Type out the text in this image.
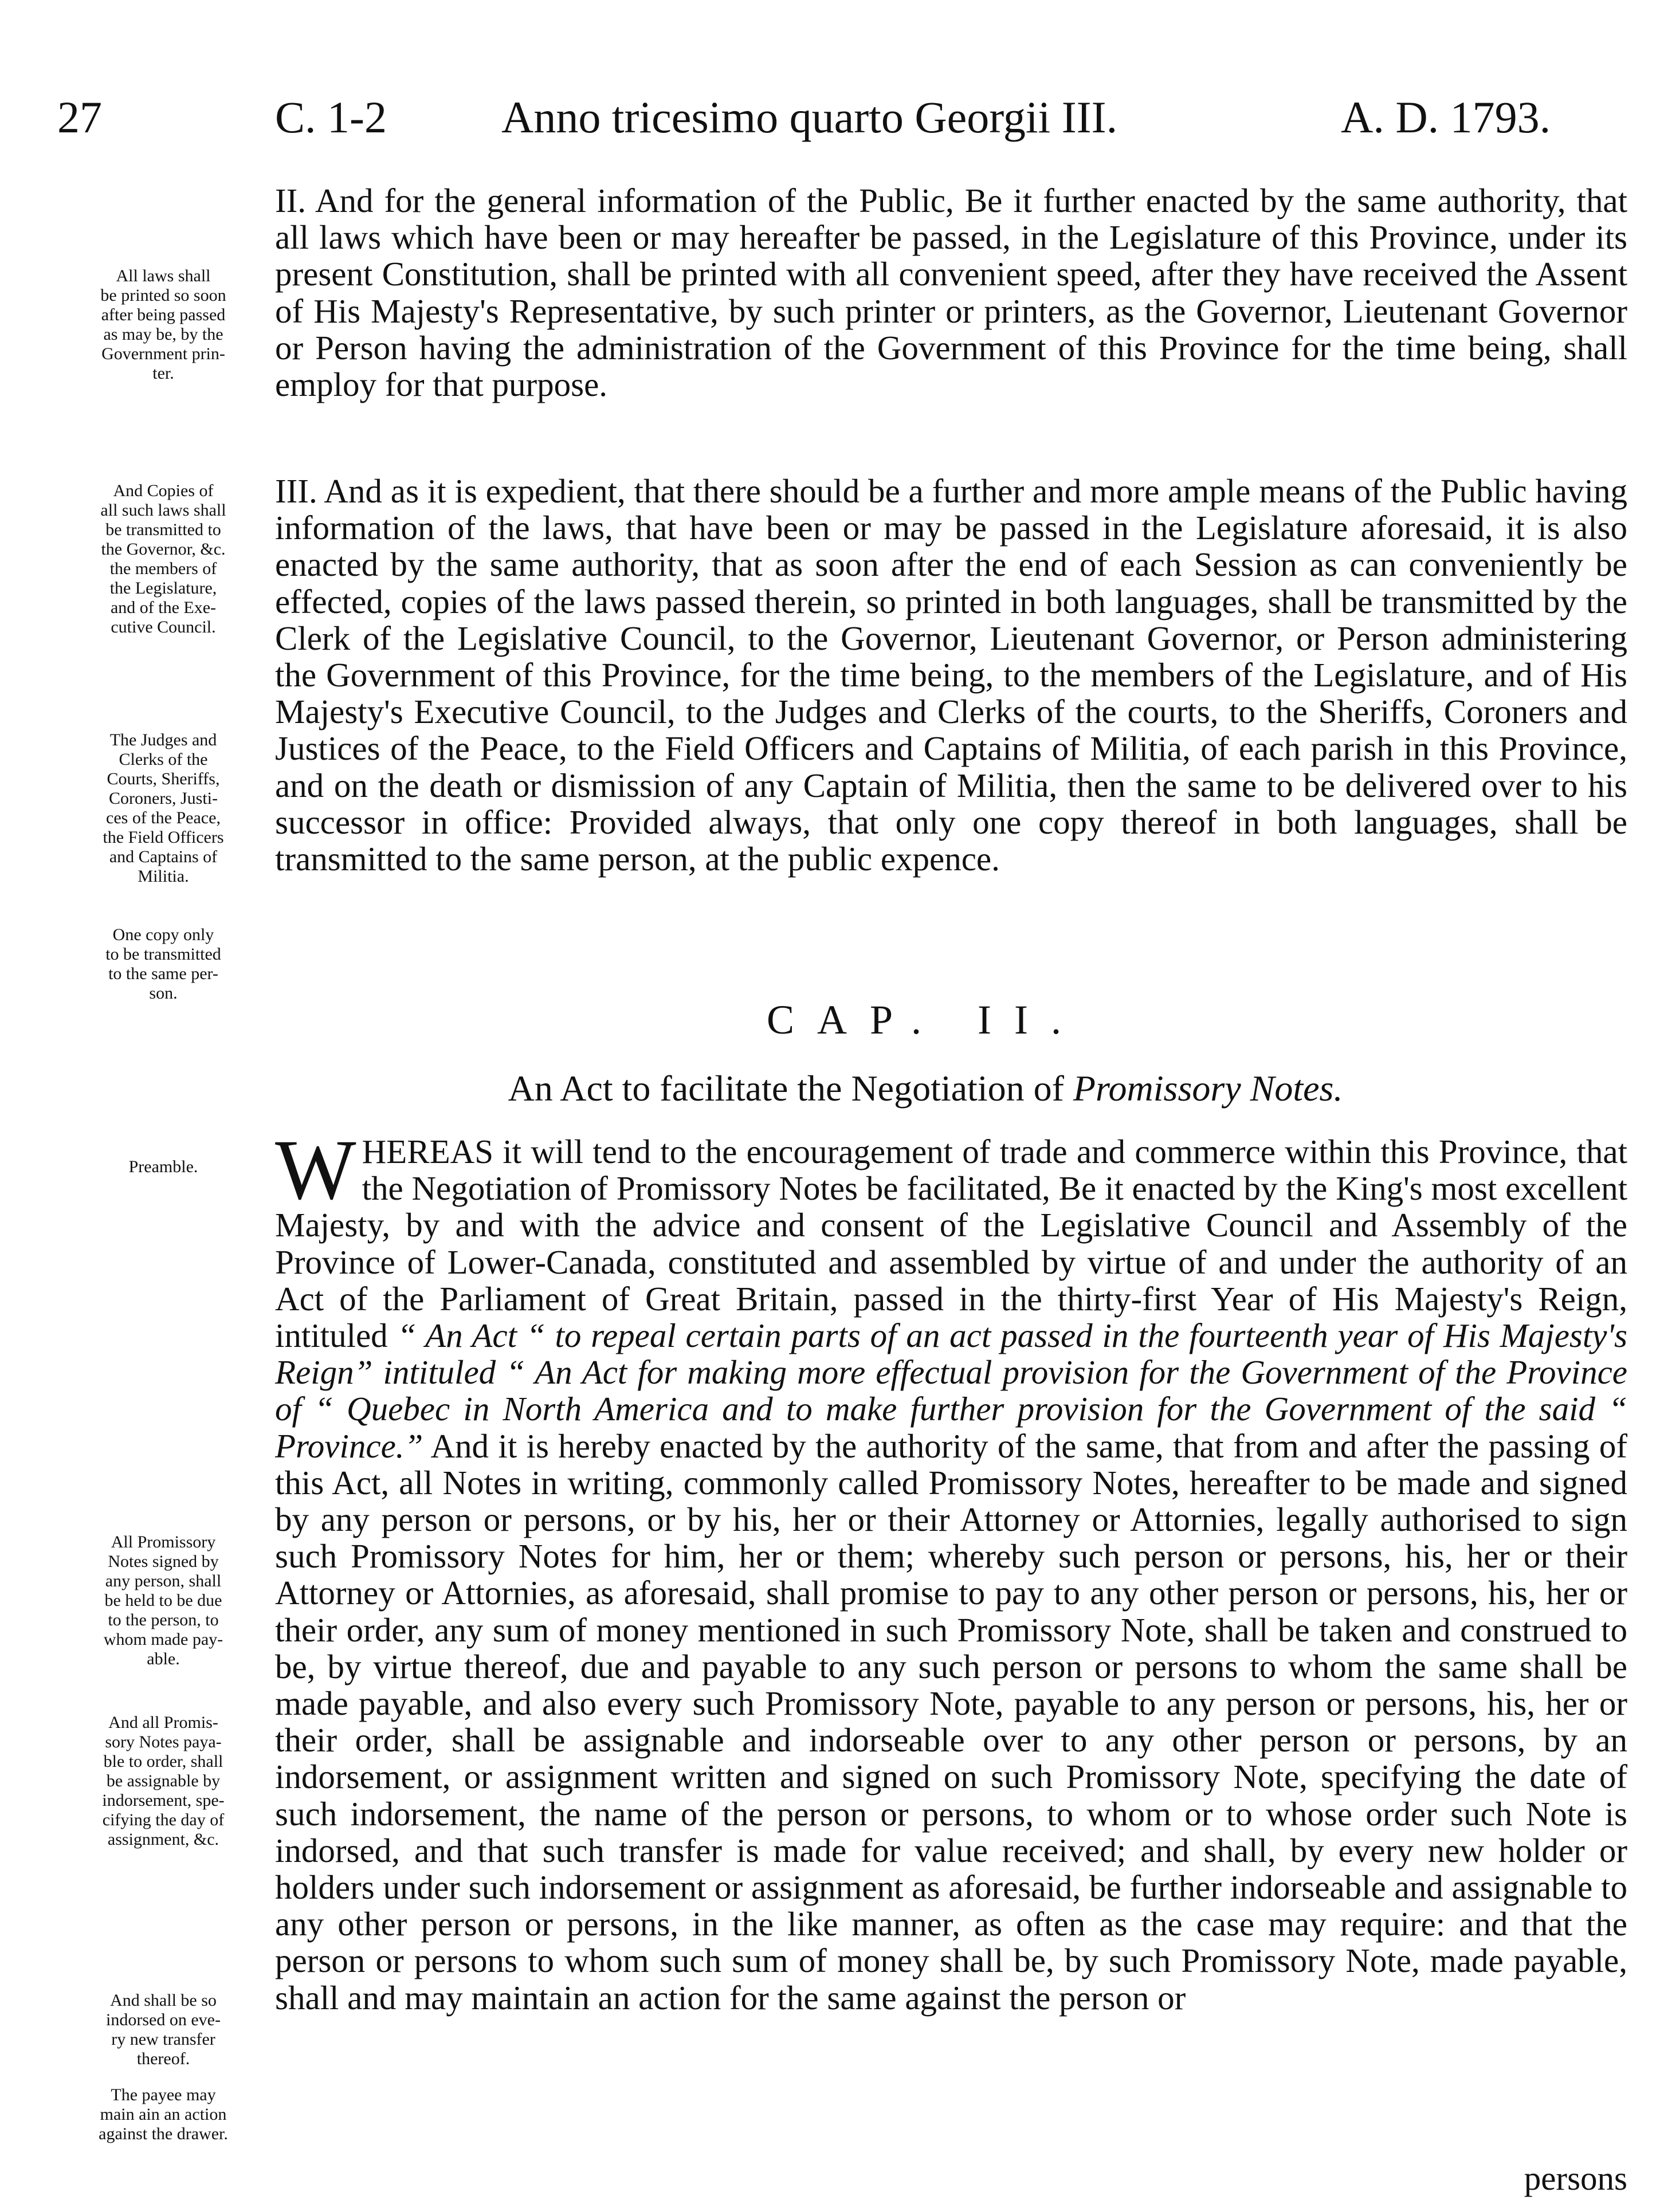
27	C. 1-2	Anno tricesimo quarto Georgii III.	A. D. 1793.
All laws shall
be printed so soon
after being passed
as may be, by the
Government prin-
ter.
And Copies of
all such laws shall
be transmitted to
the Governor, &c.
the members of
the Legislature,
and of the Exe-
cutive Council.
The Judges and
Clerks of the
Courts, Sheriffs,
Coroners, Justi-
ces of the Peace,
the Field Officers
and Captains of
Militia.
One copy only
to be transmitted
to the same per-
son.
Preamble.
All Promissory
Notes signed by
any person, shall
be held to be due
to the person, to
whom made pay-
able.
And all Promis-
sory Notes paya-
ble to order, shall
be assignable by
indorsement, spe-
cifying the day of
assignment, &c.
And shall be so
indorsed on eve-
ry new transfer
thereof.
The payee may
main ain an action
against the drawer.
II. And for the general information of the Public, Be it further enacted by the same authority, that all laws which have been or may hereafter be passed, in the Legislature of this Province, under its present Constitution, shall be printed with all convenient speed, after they have received the Assent of His Majesty's Representative, by such printer or printers, as the Governor, Lieutenant Governor or Person having the administration of the Government of this Province for the time being, shall employ for that purpose.
III. And as it is expedient, that there should be a further and more ample means of the Public having information of the laws, that have been or may be passed in the Legislature aforesaid, it is also enacted by the same authority, that as soon after the end of each Session as can conveniently be effected, copies of the laws passed therein, so printed in both languages, shall be transmitted by the Clerk of the Legislative Council, to the Governor, Lieutenant Governor, or Person administering the Government of this Province, for the time being, to the members of the Legislature, and of His Majesty's Executive Council, to the Judges and Clerks of the courts, to the Sheriffs, Coroners and Justices of the Peace, to the Field Officers and Captains of Militia, of each parish in this Province, and on the death or dismission of any Captain of Militia, then the same to be delivered over to his successor in office: Provided always, that only one copy thereof in both languages, shall be transmitted to the same person, at the public expence.
CAP. II.
An Act to facilitate the Negotiation of Promissory Notes.
WHEREAS it will tend to the encouragement of trade and commerce within this Province, that the Negotiation of Promissory Notes be facilitated, Be it enacted by the King's most excellent Majesty, by and with the advice and consent of the Legislative Council and Assembly of the Province of Lower-Canada, constituted and assembled by virtue of and under the authority of an Act of the Parliament of Great Britain, passed in the thirty-first Year of His Majesty's Reign, intituled “ An Act “ to repeal certain parts of an act passed in the fourteenth year of His Majesty's Reign” intituled “ An Act for making more effectual provision for the Government of the Province of “ Quebec in North America and to make further provision for the Government of the said “ Province.” And it is hereby enacted by the authority of the same, that from and after the passing of this Act, all Notes in writing, commonly called Promissory Notes, hereafter to be made and signed by any person or persons, or by his, her or their Attorney or Attornies, legally authorised to sign such Promissory Notes for him, her or them; whereby such person or persons, his, her or their Attorney or Attornies, as aforesaid, shall promise to pay to any other person or persons, his, her or their order, any sum of money mentioned in such Promissory Note, shall be taken and construed to be, by virtue thereof, due and payable to any such person or persons to whom the same shall be made payable, and also every such Promissory Note, payable to any person or persons, his, her or their order, shall be assignable and indorseable over to any other person or persons, by an indorsement, or assignment written and signed on such Promissory Note, specifying the date of such indorsement, the name of the person or persons, to whom or to whose order such Note is indorsed, and that such transfer is made for value received; and shall, by every new holder or holders under such indorsement or assignment as aforesaid, be further indorseable and assignable to any other person or persons, in the like manner, as often as the case may require: and that the person or persons to whom such sum of money shall be, by such Promissory Note, made payable, shall and may maintain an action for the same against the person or
persons
